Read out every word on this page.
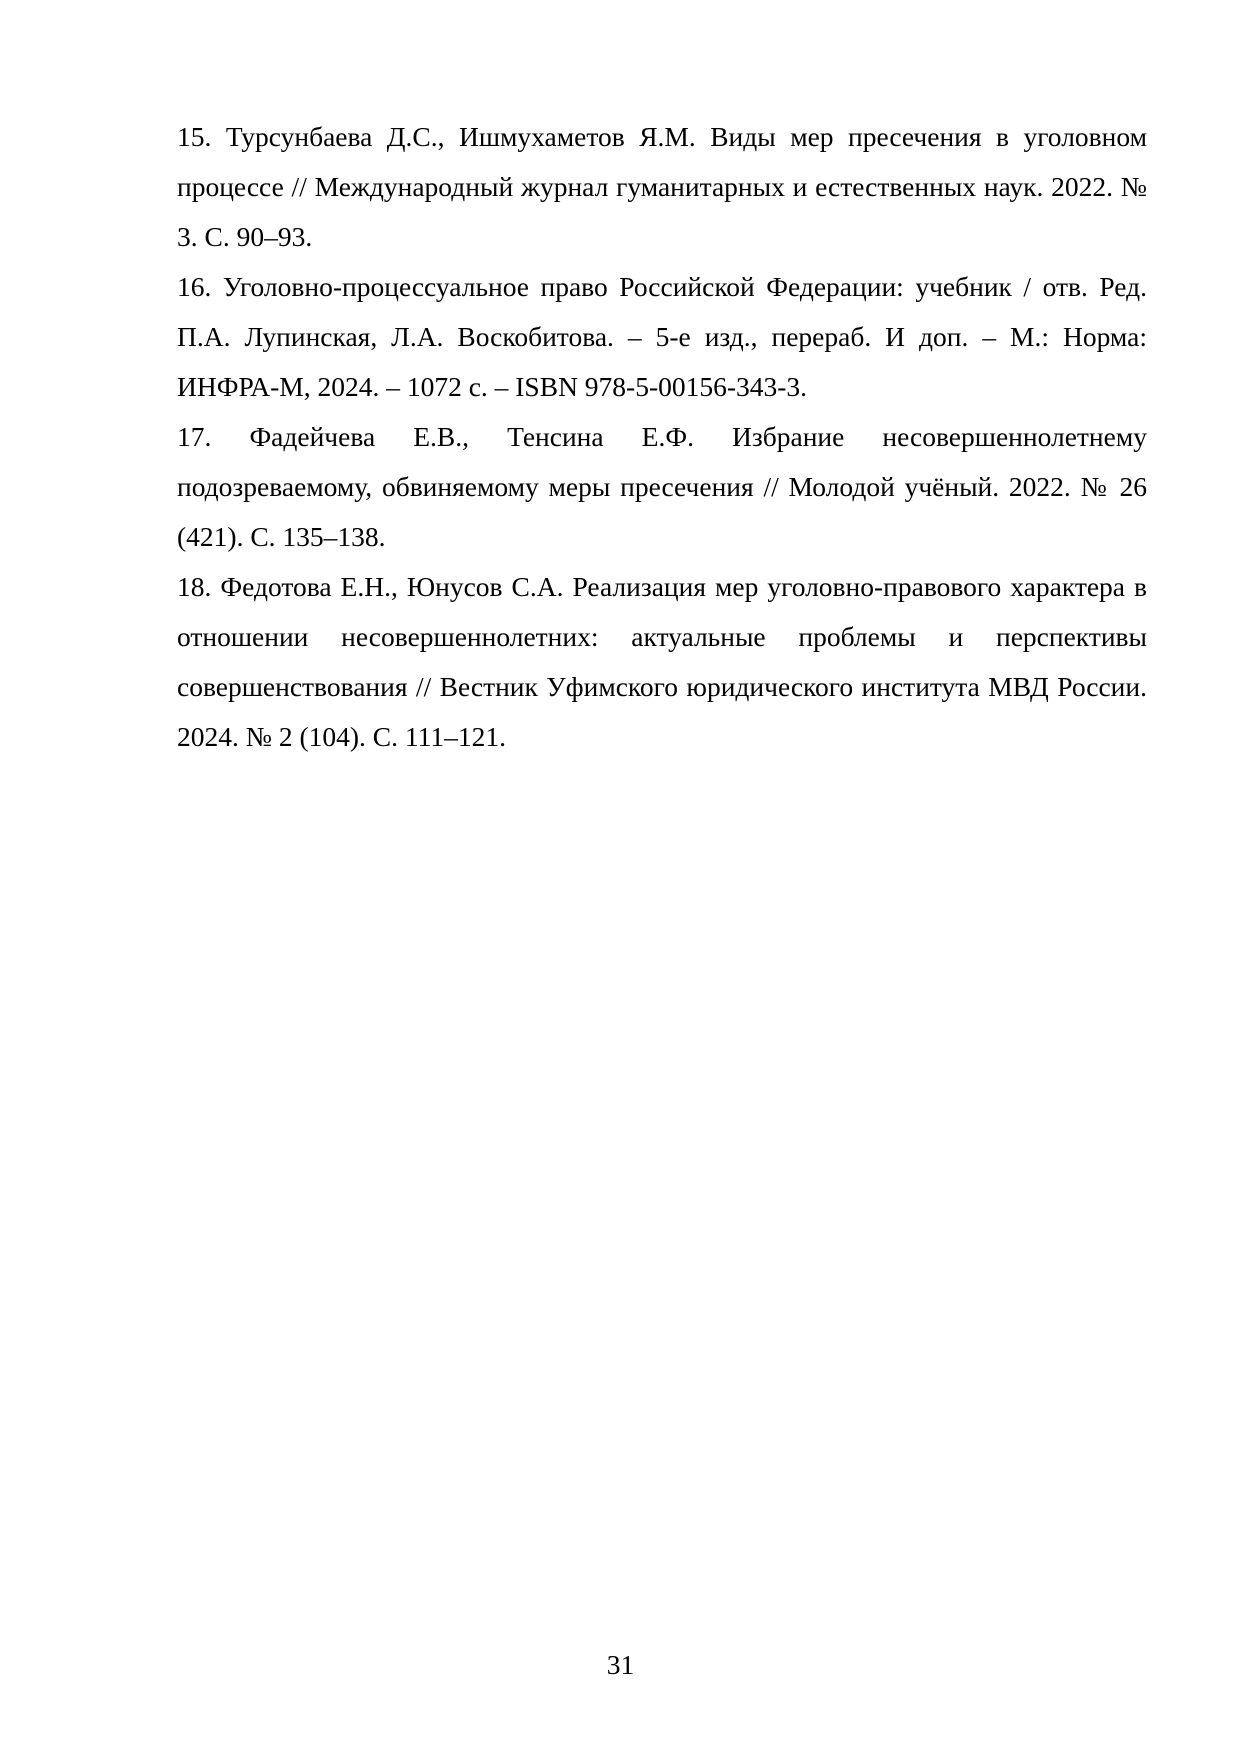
15. Турсунбаева Д.С., Ишмухаметов Я.М. Виды мер пресечения в уголовном процессе // Международный журнал гуманитарных и естественных наук. 2022. № 3. С. 90–93.

16. Уголовно-процессуальное право Российской Федерации: учебник / отв. Ред. П.А. Лупинская, Л.А. Воскобитова. – 5-е изд., перераб. И доп. – М.: Норма: ИНФРА-М, 2024. – 1072 с. – ISBN 978-5-00156-343-3.

17. Фадейчева Е.В., Тенсина Е.Ф. Избрание несовершеннолетнему подозреваемому, обвиняемому меры пресечения // Молодой учёный. 2022. № 26 (421). С. 135–138.

18. Федотова Е.Н., Юнусов С.А. Реализация мер уголовно-правового характера в отношении несовершеннолетних: актуальные проблемы и перспективы совершенствования // Вестник Уфимского юридического института МВД России. 2024. № 2 (104). С. 111–121.

31
